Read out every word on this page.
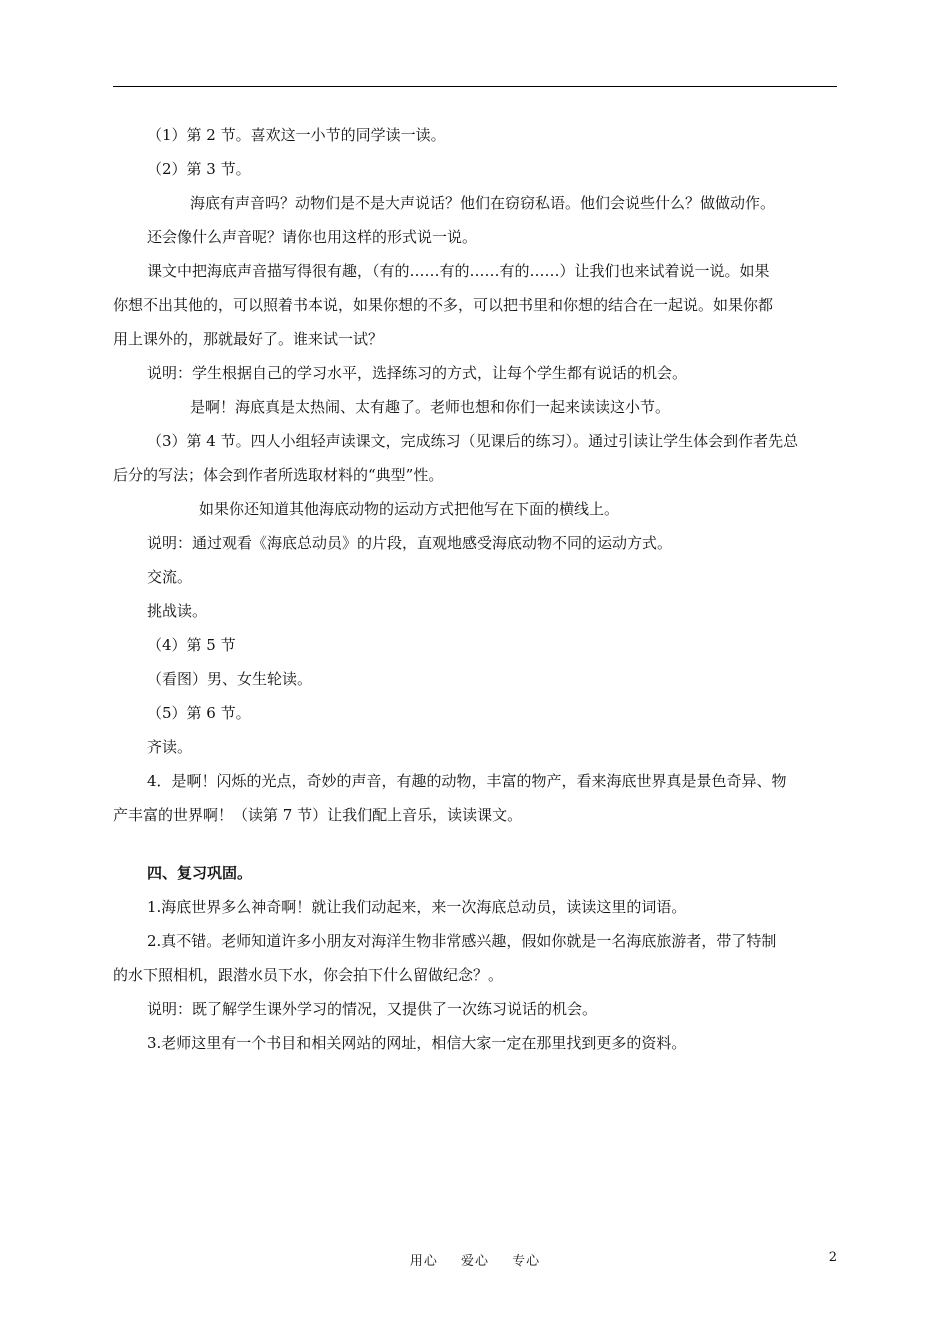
（1）第 2 节。喜欢这一小节的同学读一读。

（2）第 3 节。

海底有声音吗？动物们是不是大声说话？他们在窃窃私语。他们会说些什么？做做动作。

还会像什么声音呢？请你也用这样的形式说一说。

课文中把海底声音描写得很有趣，（有的……有的……有的……）让我们也来试着说一说。如果

你想不出其他的，可以照着书本说，如果你想的不多，可以把书里和你想的结合在一起说。如果你都

用上课外的，那就最好了。谁来试一试？

说明：学生根据自己的学习水平，选择练习的方式，让每个学生都有说话的机会。

是啊！海底真是太热闹、太有趣了。老师也想和你们一起来读读这小节。

（3）第 4 节。四人小组轻声读课文，完成练习（见课后的练习）。通过引读让学生体会到作者先总

后分的写法；体会到作者所选取材料的“典型”性。

如果你还知道其他海底动物的运动方式把他写在下面的横线上。

说明：通过观看《海底总动员》的片段，直观地感受海底动物不同的运动方式。

交流。

挑战读。

（4）第 5 节

（看图）男、女生轮读。

（5）第 6 节。

齐读。

4．是啊！闪烁的光点，奇妙的声音，有趣的动物，丰富的物产，看来海底世界真是景色奇异、物

产丰富的世界啊！（读第 7 节）让我们配上音乐，读读课文。

四、复习巩固。

1.海底世界多么神奇啊！就让我们动起来，来一次海底总动员，读读这里的词语。

2.真不错。老师知道许多小朋友对海洋生物非常感兴趣，假如你就是一名海底旅游者，带了特制

的水下照相机，跟潜水员下水，你会拍下什么留做纪念？。

说明：既了解学生课外学习的情况，又提供了一次练习说话的机会。

3.老师这里有一个书目和相关网站的网址，相信大家一定在那里找到更多的资料。

用心 爱心 专心	2
